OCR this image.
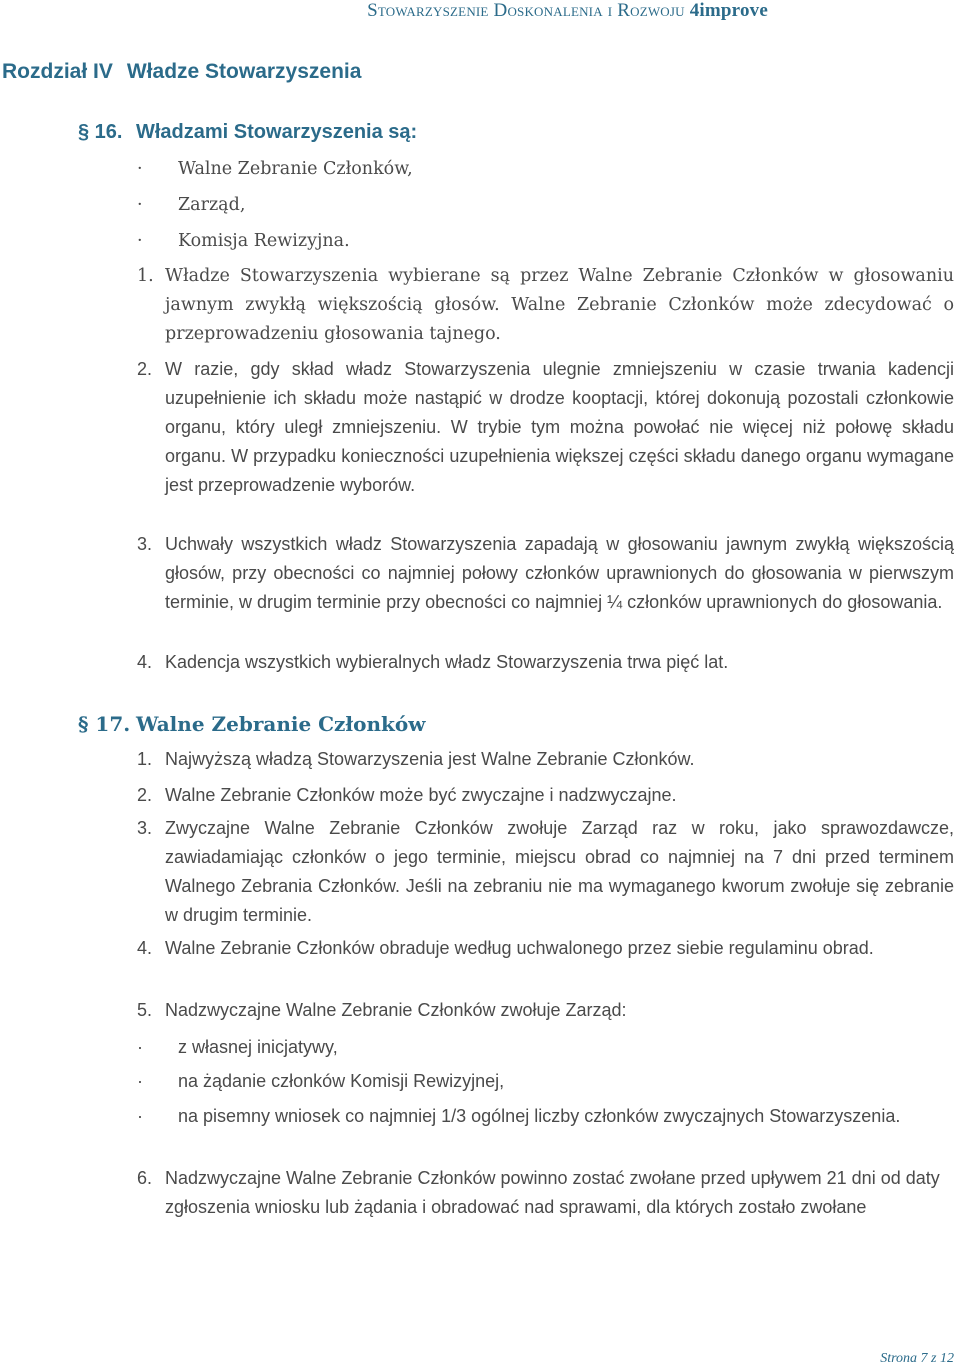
Stowarzyszenie Doskonalenia i Rozwoju 4improve
Rozdział IV Władze Stowarzyszenia
§ 16. Władzami Stowarzyszenia są:
· Walne Zebranie Członków,
· Zarząd,
· Komisja Rewizyjna.
1. Władze Stowarzyszenia wybierane są przez Walne Zebranie Członków w głosowaniu jawnym zwykłą większością głosów. Walne Zebranie Członków może zdecydować o przeprowadzeniu głosowania tajnego.
2. W razie, gdy skład władz Stowarzyszenia ulegnie zmniejszeniu w czasie trwania kadencji uzupełnienie ich składu może nastąpić w drodze kooptacji, której dokonują pozostali członkowie organu, który uległ zmniejszeniu. W trybie tym można powołać nie więcej niż połowę składu organu. W przypadku konieczności uzupełnienia większej części składu danego organu wymagane jest przeprowadzenie wyborów.
3. Uchwały wszystkich władz Stowarzyszenia zapadają w głosowaniu jawnym zwykłą większością głosów, przy obecności co najmniej połowy członków uprawnionych do głosowania w pierwszym terminie, w drugim terminie przy obecności co najmniej ¼ członków uprawnionych do głosowania.
4. Kadencja wszystkich wybieralnych władz Stowarzyszenia trwa pięć lat.
§ 17. Walne Zebranie Członków
1. Najwyższą władzą Stowarzyszenia jest Walne Zebranie Członków.
2. Walne Zebranie Członków może być zwyczajne i nadzwyczajne.
3. Zwyczajne Walne Zebranie Członków zwołuje Zarząd raz w roku, jako sprawozdawcze, zawiadamiając członków o jego terminie, miejscu obrad co najmniej na 7 dni przed terminem Walnego Zebrania Członków. Jeśli na zebraniu nie ma wymaganego kworum zwołuje się zebranie w drugim terminie.
4. Walne Zebranie Członków obraduje według uchwalonego przez siebie regulaminu obrad.
5. Nadzwyczajne Walne Zebranie Członków zwołuje Zarząd:
· z własnej inicjatywy,
· na żądanie członków Komisji Rewizyjnej,
· na pisemny wniosek co najmniej 1/3 ogólnej liczby członków zwyczajnych Stowarzyszenia.
6. Nadzwyczajne Walne Zebranie Członków powinno zostać zwołane przed upływem 21 dni od daty zgłoszenia wniosku lub żądania i obradować nad sprawami, dla których zostało zwołane
Strona 7 z 12
